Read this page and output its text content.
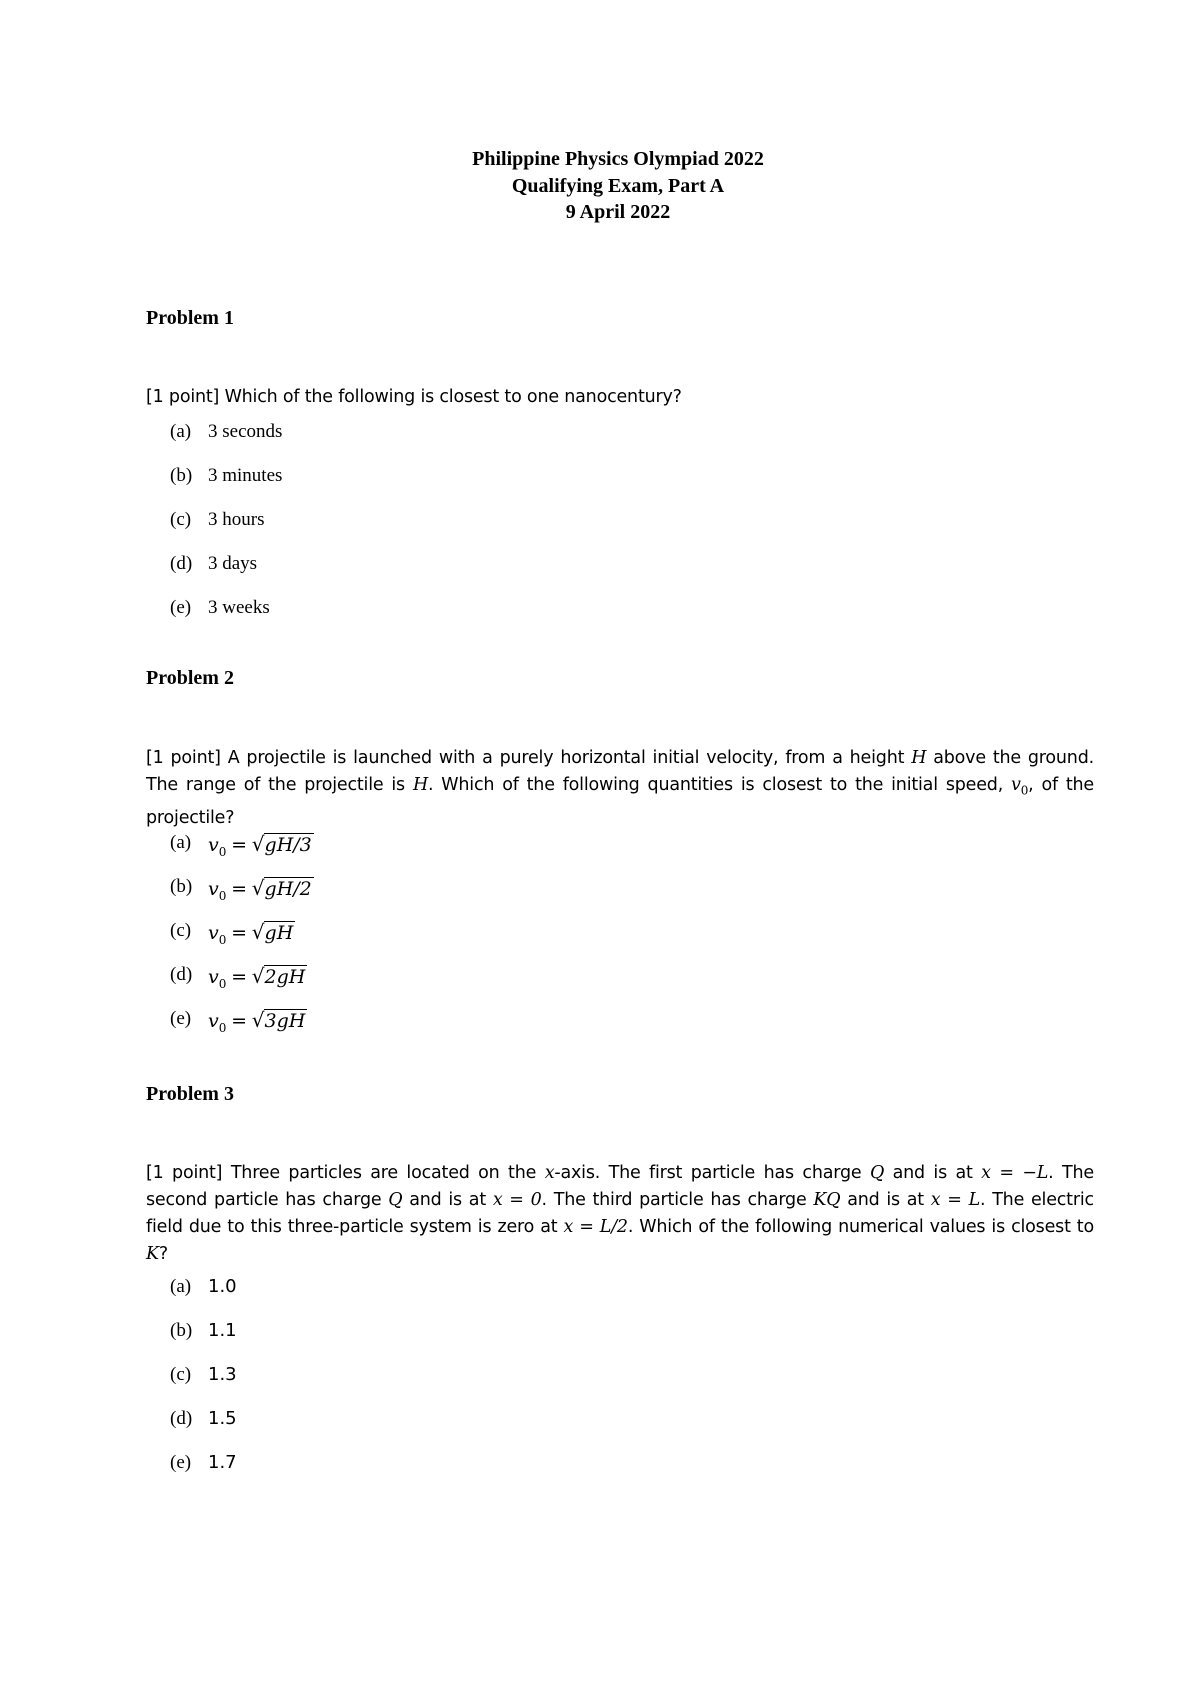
Philippine Physics Olympiad 2022
Qualifying Exam, Part A
9 April 2022
Problem 1
[1 point] Which of the following is closest to one nanocentury?
(a) 3 seconds
(b) 3 minutes
(c) 3 hours
(d) 3 days
(e) 3 weeks
Problem 2
[1 point] A projectile is launched with a purely horizontal initial velocity, from a height H above the ground. The range of the projectile is H. Which of the following quantities is closest to the initial speed, $v_0$, of the projectile?
(a) $v_0 = √gH/3$
(b) $v_0 = √gH/2$
(c) $v_0 = √gH$
(d) $v_0 = √2gH$
(e) $v_0 = √3gH$
Problem 3
[1 point] Three particles are located on the x-axis. The first particle has charge Q and is at x = −L. The second particle has charge Q and is at x = 0. The third particle has charge KQ and is at x = L. The electric field due to this three-particle system is zero at x = L/2. Which of the following numerical values is closest to K?
(a) 1.0
(b) 1.1
(c) 1.3
(d) 1.5
(e) 1.7
